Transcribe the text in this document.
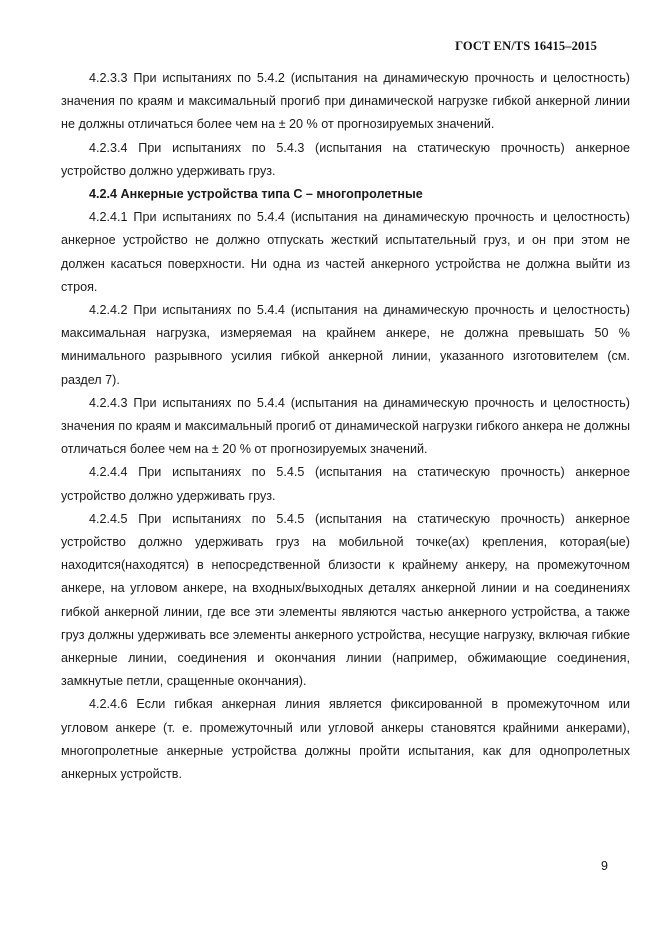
ГОСТ EN/TS 16415–2015

4.2.3.3 При испытаниях по 5.4.2 (испытания на динамическую прочность и целостность) значения по краям и максимальный прогиб при динамической нагрузке гибкой анкерной линии не должны отличаться более чем на ± 20 % от прогнозируемых значений.

4.2.3.4 При испытаниях по 5.4.3 (испытания на статическую прочность) анкерное устройство должно удерживать груз.

4.2.4 Анкерные устройства типа С – многопролетные

4.2.4.1 При испытаниях по 5.4.4 (испытания на динамическую прочность и целостность) анкерное устройство не должно отпускать жесткий испытательный груз, и он при этом не должен касаться поверхности. Ни одна из частей анкерного устройства не должна выйти из строя.

4.2.4.2 При испытаниях по 5.4.4 (испытания на динамическую прочность и целостность) максимальная нагрузка, измеряемая на крайнем анкере, не должна превышать 50 % минимального разрывного усилия гибкой анкерной линии, указанного изготовителем (см. раздел 7).

4.2.4.3 При испытаниях по 5.4.4 (испытания на динамическую прочность и целостность) значения по краям и максимальный прогиб от динамической нагрузки гибкого анкера не должны отличаться более чем на ± 20 % от прогнозируемых значений.

4.2.4.4 При испытаниях по 5.4.5 (испытания на статическую прочность) анкерное устройство должно удерживать груз.

4.2.4.5 При испытаниях по 5.4.5 (испытания на статическую прочность) анкерное устройство должно удерживать груз на мобильной точке(ах) крепления, которая(ые) находится(находятся) в непосредственной близости к крайнему анкеру, на промежуточном анкере, на угловом анкере, на входных/выходных деталях анкерной линии и на соединениях гибкой анкерной линии, где все эти элементы являются частью анкерного устройства, а также груз должны удерживать все элементы анкерного устройства, несущие нагрузку, включая гибкие анкерные линии, соединения и окончания линии (например, обжимающие соединения, замкнутые петли, сращенные окончания).

4.2.4.6 Если гибкая анкерная линия является фиксированной в промежуточном или угловом анкере (т. е. промежуточный или угловой анкеры становятся крайними анкерами), многопролетные анкерные устройства должны пройти испытания, как для однопролетных анкерных устройств.

9
